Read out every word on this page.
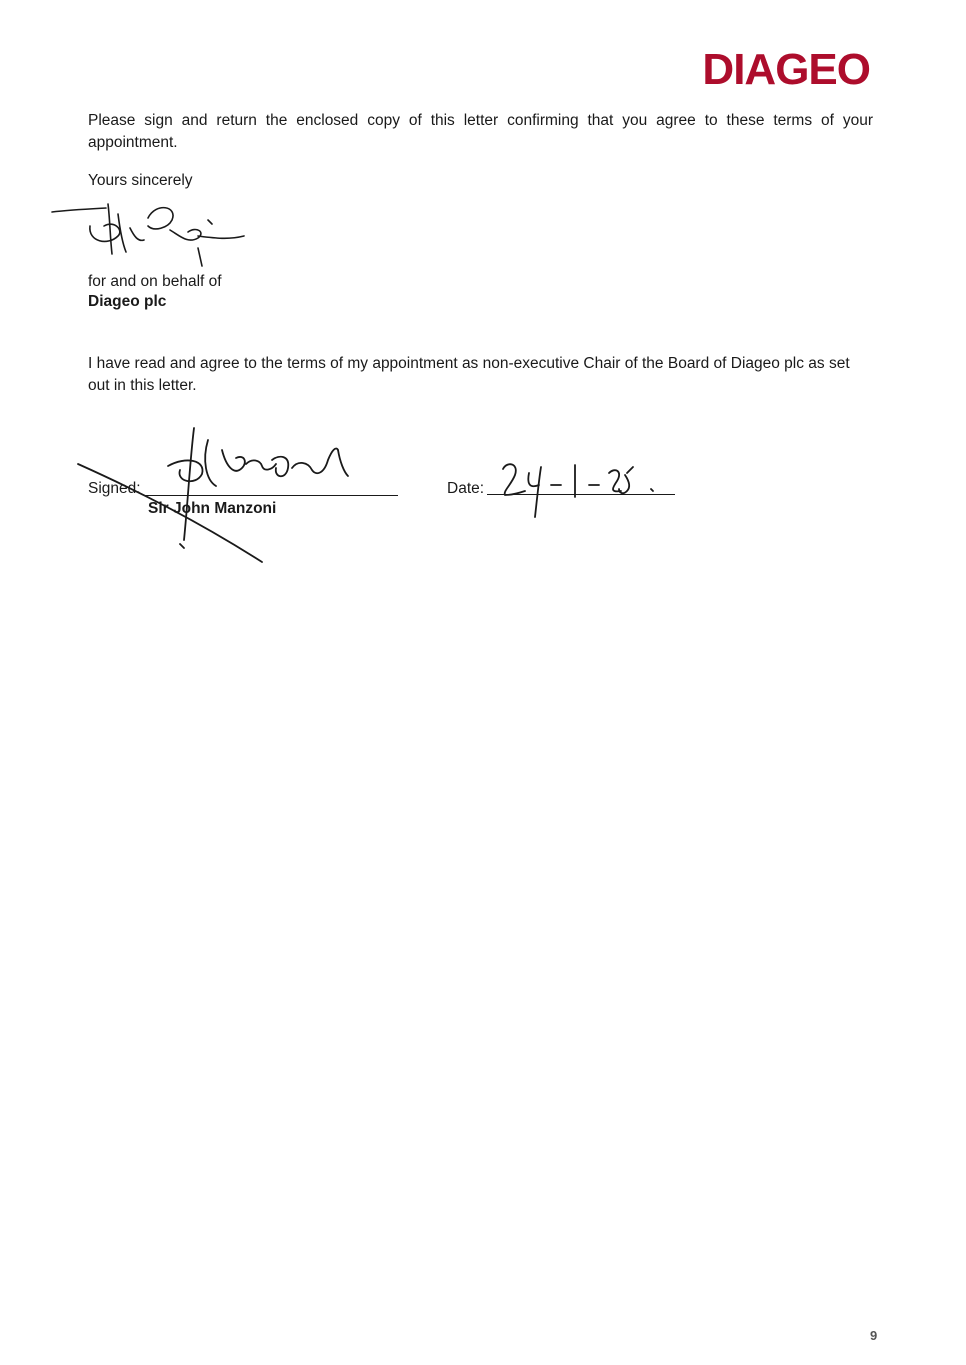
DIAGEO
Please sign and return the enclosed copy of this letter confirming that you agree to these terms of your appointment.
Yours sincerely
for and on behalf of
Diageo plc
I have read and agree to the terms of my appointment as non-executive Chair of the Board of Diageo plc as set out in this letter.
Signed:
Sir John Manzoni
Date:
9
